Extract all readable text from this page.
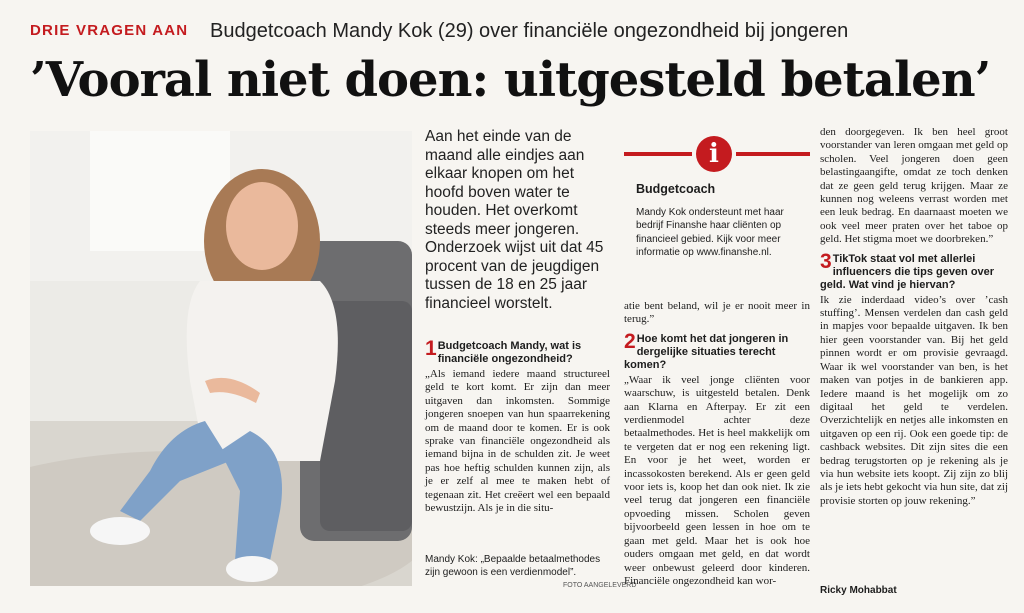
DRIE VRAGEN AAN Budgetcoach Mandy Kok (29) over financiële ongezondheid bij jongeren
’Vooral niet doen: uitgesteld betalen’
FOTO AANGELEVERD
Aan het einde van de maand alle eindjes aan elkaar knopen om het hoofd boven water te houden. Het overkomt steeds meer jongeren. Onderzoek wijst uit dat 45 procent van de jeugdigen tussen de 18 en 25 jaar financieel worstelt.
i
Budgetcoach
Mandy Kok ondersteunt met haar bedrijf Finanshe haar cliënten op financieel gebied. Kijk voor meer informatie op www.finanshe.nl.

1 Budgetcoach Mandy, wat is financiële ongezondheid?

„Als iemand iedere maand structureel geld te kort komt. Er zijn dan meer uitgaven dan inkomsten. Sommige jongeren snoepen van hun spaarrekening om de maand door te komen. Er is ook sprake van financiële ongezondheid als iemand bijna in de schulden zit. Je weet pas hoe heftig schulden kunnen zijn, als je er zelf al mee te maken hebt of tegenaan zit. Het creëert wel een bepaald bewustzijn. Als je in die situ-

Mandy Kok: „Bepaalde betaalmethodes zijn gewoon is een verdienmodel”.

atie bent beland, wil je er nooit meer in terug.”

2 Hoe komt het dat jongeren in dergelijke situaties terecht komen?

„Waar ik veel jonge cliënten voor waarschuw, is uitgesteld betalen. Denk aan Klarna en Afterpay. Er zit een verdienmodel achter deze betaalmethodes. Het is heel makkelijk om te vergeten dat er nog een rekening ligt. En voor je het weet, worden er incassokosten berekend. Als er geen geld voor iets is, koop het dan ook niet. Ik zie veel terug dat jongeren een financiële opvoeding missen. Scholen geven bijvoorbeeld geen lessen in hoe om te gaan met geld. Maar het is ook hoe ouders omgaan met geld, en dat wordt weer onbewust geleerd door kinderen. Financiële ongezondheid kan wor-

den doorgegeven. Ik ben heel groot voorstander van leren omgaan met geld op scholen. Veel jongeren doen geen belastingaangifte, omdat ze toch denken dat ze geen geld terug krijgen. Maar ze kunnen nog weleens verrast worden met een leuk bedrag. En daarnaast moeten we ook veel meer praten over het taboe op geld. Het stigma moet we doorbreken.”

3 TikTok staat vol met allerlei influencers die tips geven over geld. Wat vind je hiervan?

Ik zie inderdaad video’s over ’cash stuffing’. Mensen verdelen dan cash geld in mapjes voor bepaalde uitgaven. Ik ben hier geen voorstander van. Bij het geld pinnen wordt er om provisie gevraagd. Waar ik wel voorstander van ben, is het maken van potjes in de bankieren app. Iedere maand is het mogelijk om zo digitaal het geld te verdelen. Overzichtelijk en netjes alle inkomsten en uitgaven op een rij. Ook een goede tip: de cashback websites. Dit zijn sites die een bedrag terugstorten op je rekening als je via hun website iets koopt. Zij zijn zo blij als je iets hebt gekocht via hun site, dat zij provisie storten op jouw rekening.”

Ricky Mohabbat
